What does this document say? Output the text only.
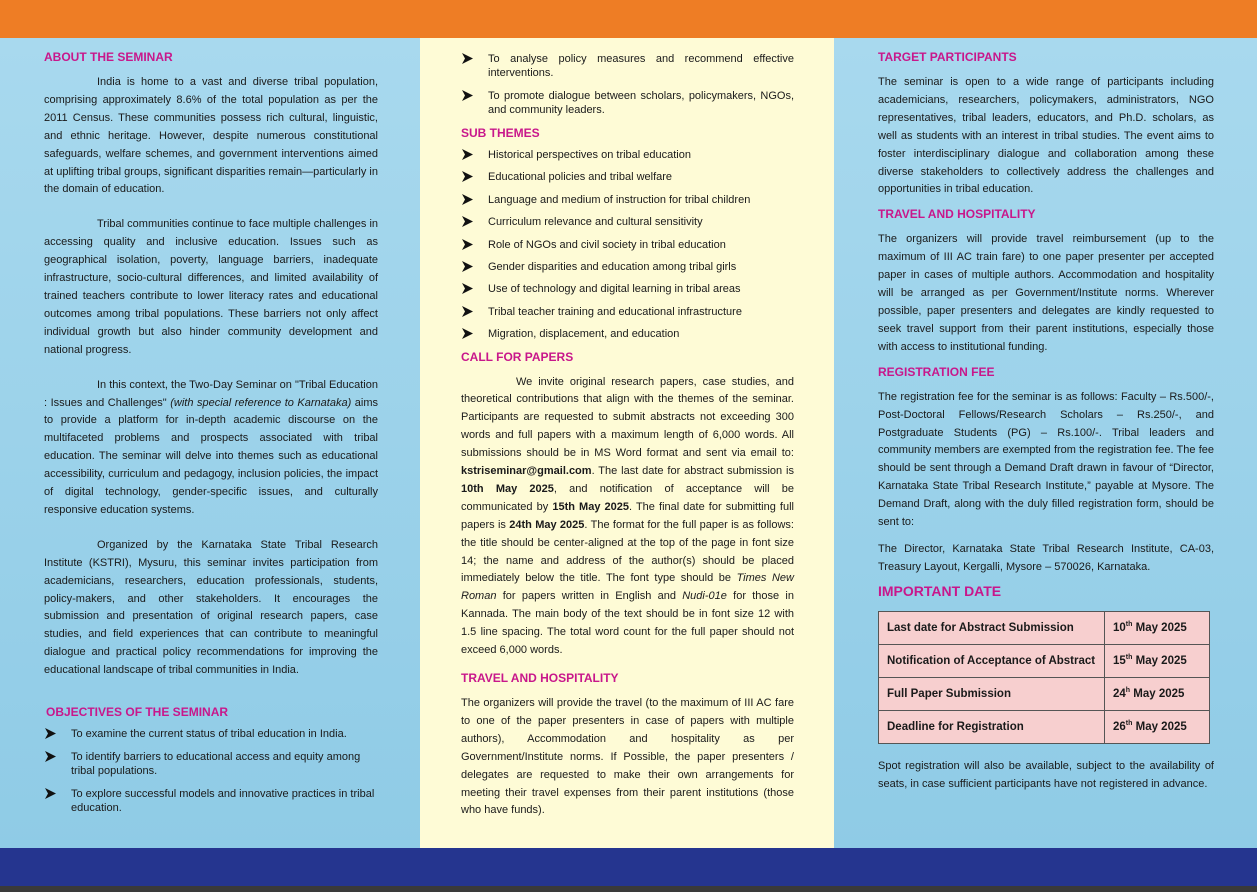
ABOUT THE SEMINAR

India is home to a vast and diverse tribal population, comprising approximately 8.6% of the total population as per the 2011 Census. These communities possess rich cultural, linguistic, and ethnic heritage. However, despite numerous constitutional safeguards, welfare schemes, and government interventions aimed at uplifting tribal groups, significant disparities remain—particularly in the domain of education.

Tribal communities continue to face multiple challenges in accessing quality and inclusive education. Issues such as geographical isolation, poverty, language barriers, inadequate infrastructure, socio-cultural differences, and limited availability of trained teachers contribute to lower literacy rates and educational outcomes among tribal populations. These barriers not only affect individual growth but also hinder community development and national progress.

In this context, the Two-Day Seminar on "Tribal Education : Issues and Challenges" (with special reference to Karnataka) aims to provide a platform for in-depth academic discourse on the multifaceted problems and prospects associated with tribal education. The seminar will delve into themes such as educational accessibility, curriculum and pedagogy, inclusion policies, the impact of digital technology, gender-specific issues, and culturally responsive education systems.

Organized by the Karnataka State Tribal Research Institute (KSTRI), Mysuru, this seminar invites participation from academicians, researchers, education professionals, students, policy-makers, and other stakeholders. It encourages the submission and presentation of original research papers, case studies, and field experiences that can contribute to meaningful dialogue and practical policy recommendations for improving the educational landscape of tribal communities in India.

OBJECTIVES OF THE SEMINAR
To examine the current status of tribal education in India.
To identify barriers to educational access and equity among tribal populations.
To explore successful models and innovative practices in tribal education.
To analyse policy measures and recommend effective interventions.
To promote dialogue between scholars, policymakers, NGOs, and community leaders.
SUB THEMES
Historical perspectives on tribal education
Educational policies and tribal welfare
Language and medium of instruction for tribal children
Curriculum relevance and cultural sensitivity
Role of NGOs and civil society in tribal education
Gender disparities and education among tribal girls
Use of technology and digital learning in tribal areas
Tribal teacher training and educational infrastructure
Migration, displacement, and education
CALL FOR PAPERS

We invite original research papers, case studies, and theoretical contributions that align with the themes of the seminar. Participants are requested to submit abstracts not exceeding 300 words and full papers with a maximum length of 6,000 words. All submissions should be in MS Word format and sent via email to: kstriseminar@gmail.com. The last date for abstract submission is 10th May 2025, and notification of acceptance will be communicated by 15th May 2025. The final date for submitting full papers is 24th May 2025. The format for the full paper is as follows: the title should be center-aligned at the top of the page in font size 14; the name and address of the author(s) should be placed immediately below the title. The font type should be Times New Roman for papers written in English and Nudi-01e for those in Kannada. The main body of the text should be in font size 12 with 1.5 line spacing. The total word count for the full paper should not exceed 6,000 words.

TRAVEL AND HOSPITALITY

The organizers will provide the travel (to the maximum of III AC fare to one of the paper presenters in case of papers with multiple authors), Accommodation and hospitality as per Government/Institute norms. If Possible, the paper presenters / delegates are requested to make their own arrangements for meeting their travel expenses from their parent institutions (those who have funds).

TARGET PARTICIPANTS

The seminar is open to a wide range of participants including academicians, researchers, policymakers, administrators, NGO representatives, tribal leaders, educators, and Ph.D. scholars, as well as students with an interest in tribal studies. The event aims to foster interdisciplinary dialogue and collaboration among these diverse stakeholders to collectively address the challenges and opportunities in tribal education.

TRAVEL AND HOSPITALITY

The organizers will provide travel reimbursement (up to the maximum of III AC train fare) to one paper presenter per accepted paper in cases of multiple authors. Accommodation and hospitality will be arranged as per Government/Institute norms. Wherever possible, paper presenters and delegates are kindly requested to seek travel support from their parent institutions, especially those with access to institutional funding.

REGISTRATION FEE

The registration fee for the seminar is as follows: Faculty – Rs.500/-, Post-Doctoral Fellows/Research Scholars – Rs.250/-, and Postgraduate Students (PG) – Rs.100/-. Tribal leaders and community members are exempted from the registration fee. The fee should be sent through a Demand Draft drawn in favour of “Director, Karnataka State Tribal Research Institute,” payable at Mysore. The Demand Draft, along with the duly filled registration form, should be sent to:

The Director, Karnataka State Tribal Research Institute, CA-03, Treasury Layout, Kergalli, Mysore – 570026, Karnataka.

IMPORTANT DATE
Last date for Abstract Submission	10th May 2025
Notification of Acceptance of Abstract	15th May 2025
Full Paper Submission	24$^h$ May 2025
Deadline for Registration	26th May 2025

Spot registration will also be available, subject to the availability of seats, in case sufficient participants have not registered in advance.
